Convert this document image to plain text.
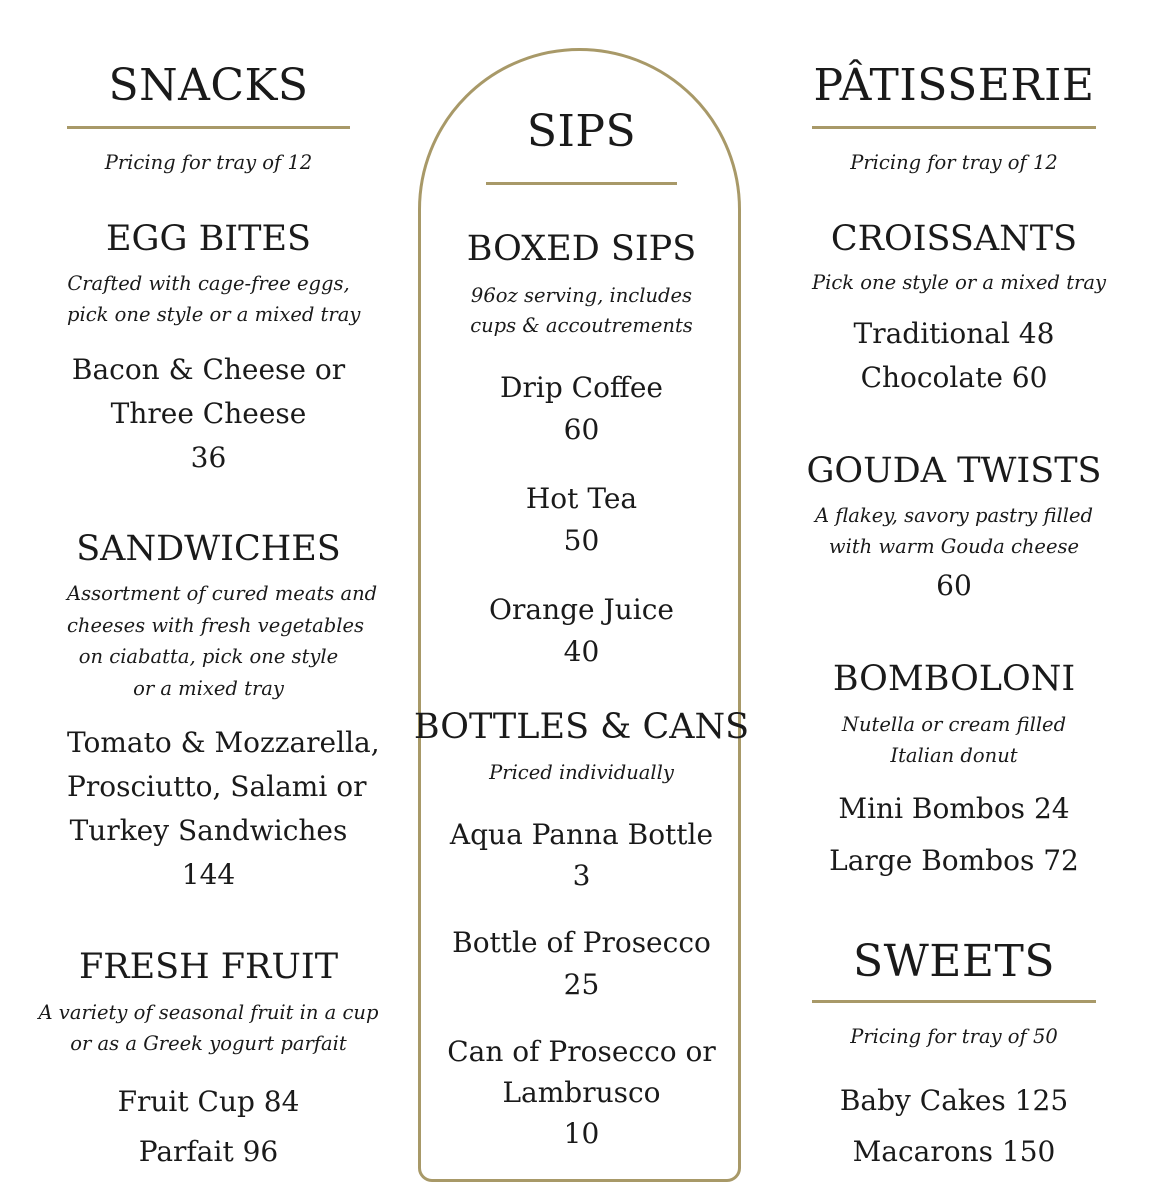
SNACKS
Pricing for tray of 12
EGG BITES
Crafted with cage-free eggs,
pick one style or a mixed tray
Bacon & Cheese or
Three Cheese
36
SANDWICHES
Assortment of cured meats and
cheeses with fresh vegetables
on ciabatta, pick one style
or a mixed tray
Tomato & Mozzarella,
Prosciutto, Salami or
Turkey Sandwiches
144
FRESH FRUIT
A variety of seasonal fruit in a cup
or as a Greek yogurt parfait
Fruit Cup 84
Parfait 96
SIPS
BOXED SIPS
96oz serving, includes
cups & accoutrements
Drip Coffee
60
Hot Tea
50
Orange Juice
40
BOTTLES & CANS
Priced individually
Aqua Panna Bottle
3
Bottle of Prosecco
25
Can of Prosecco or
Lambrusco
10
PÂTISSERIE
Pricing for tray of 12
CROISSANTS
Pick one style or a mixed tray
Traditional 48
Chocolate 60
GOUDA TWISTS
A flakey, savory pastry filled
with warm Gouda cheese
60
BOMBOLONI
Nutella or cream filled
Italian donut
Mini Bombos 24
Large Bombos 72
SWEETS
Pricing for tray of 50
Baby Cakes 125
Macarons 150
